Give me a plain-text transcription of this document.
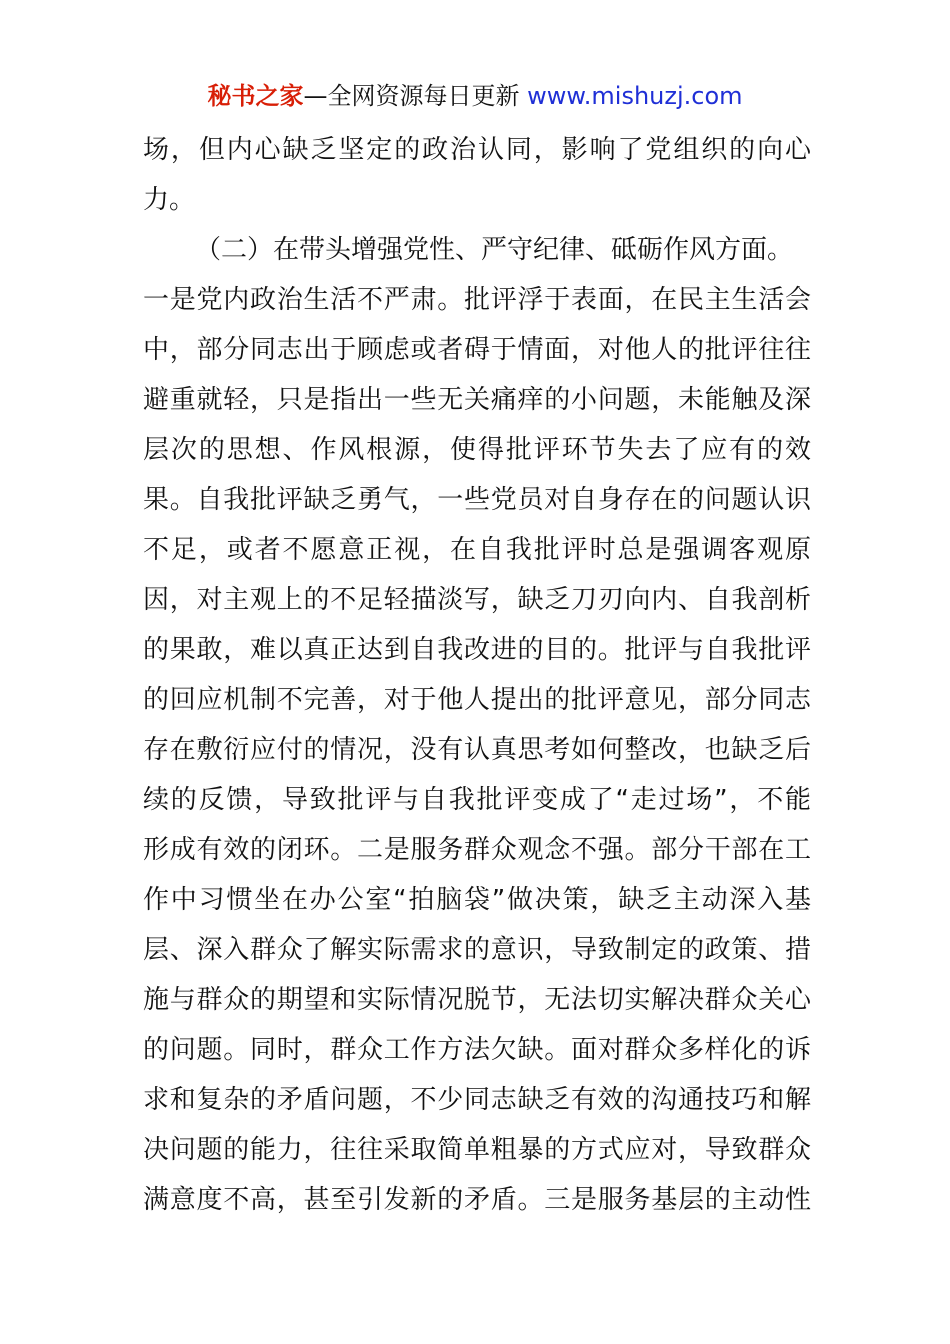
秘书之家—全网资源每日更新 www.mishuzj.com
场，但内心缺乏坚定的政治认同，影响了党组织的向心
力。
（二）在带头增强党性、严守纪律、砥砺作风方面。
一是党内政治生活不严肃。批评浮于表面，在民主生活会
中，部分同志出于顾虑或者碍于情面，对他人的批评往往
避重就轻，只是指出一些无关痛痒的小问题，未能触及深
层次的思想、作风根源，使得批评环节失去了应有的效
果。自我批评缺乏勇气，一些党员对自身存在的问题认识
不足，或者不愿意正视，在自我批评时总是强调客观原
因，对主观上的不足轻描淡写，缺乏刀刃向内、自我剖析
的果敢，难以真正达到自我改进的目的。批评与自我批评
的回应机制不完善，对于他人提出的批评意见，部分同志
存在敷衍应付的情况，没有认真思考如何整改，也缺乏后
续的反馈，导致批评与自我批评变成了“走过场”，不能
形成有效的闭环。二是服务群众观念不强。部分干部在工
作中习惯坐在办公室“拍脑袋”做决策，缺乏主动深入基
层、深入群众了解实际需求的意识，导致制定的政策、措
施与群众的期望和实际情况脱节，无法切实解决群众关心
的问题。同时，群众工作方法欠缺。面对群众多样化的诉
求和复杂的矛盾问题，不少同志缺乏有效的沟通技巧和解
决问题的能力，往往采取简单粗暴的方式应对，导致群众
满意度不高，甚至引发新的矛盾。三是服务基层的主动性
